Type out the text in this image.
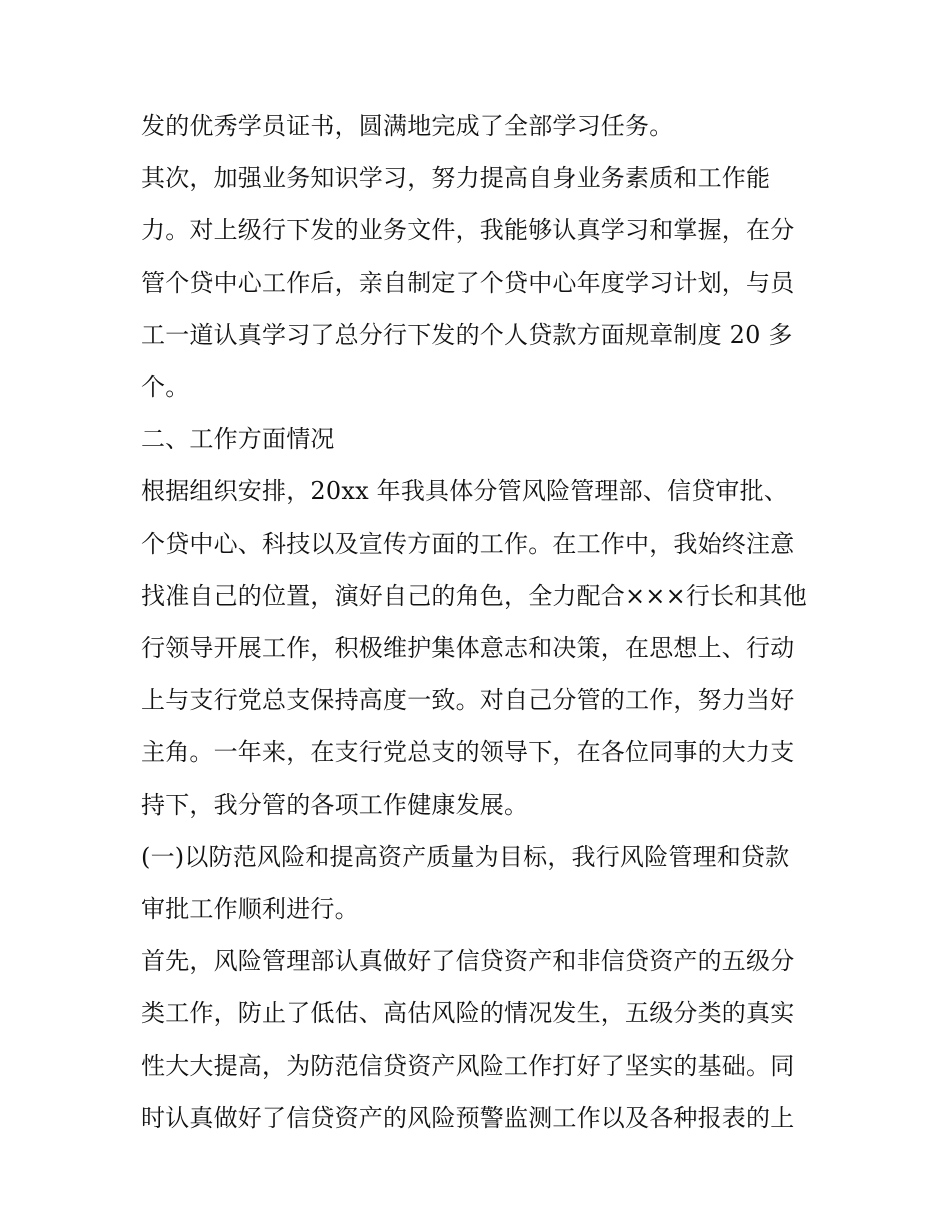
发的优秀学员证书，圆满地完成了全部学习任务。

其次，加强业务知识学习，努力提高自身业务素质和工作能

力。对上级行下发的业务文件，我能够认真学习和掌握，在分

管个贷中心工作后，亲自制定了个贷中心年度学习计划，与员

工一道认真学习了总分行下发的个人贷款方面规章制度 20 多

个。

二、工作方面情况

根据组织安排，20xx 年我具体分管风险管理部、信贷审批、

个贷中心、科技以及宣传方面的工作。在工作中，我始终注意

找准自己的位置，演好自己的角色，全力配合×××行长和其他

行领导开展工作，积极维护集体意志和决策，在思想上、行动

上与支行党总支保持高度一致。对自己分管的工作，努力当好

主角。一年来，在支行党总支的领导下，在各位同事的大力支

持下，我分管的各项工作健康发展。

(一)以防范风险和提高资产质量为目标，我行风险管理和贷款

审批工作顺利进行。

首先，风险管理部认真做好了信贷资产和非信贷资产的五级分

类工作，防止了低估、高估风险的情况发生，五级分类的真实

性大大提高，为防范信贷资产风险工作打好了坚实的基础。同

时认真做好了信贷资产的风险预警监测工作以及各种报表的上
